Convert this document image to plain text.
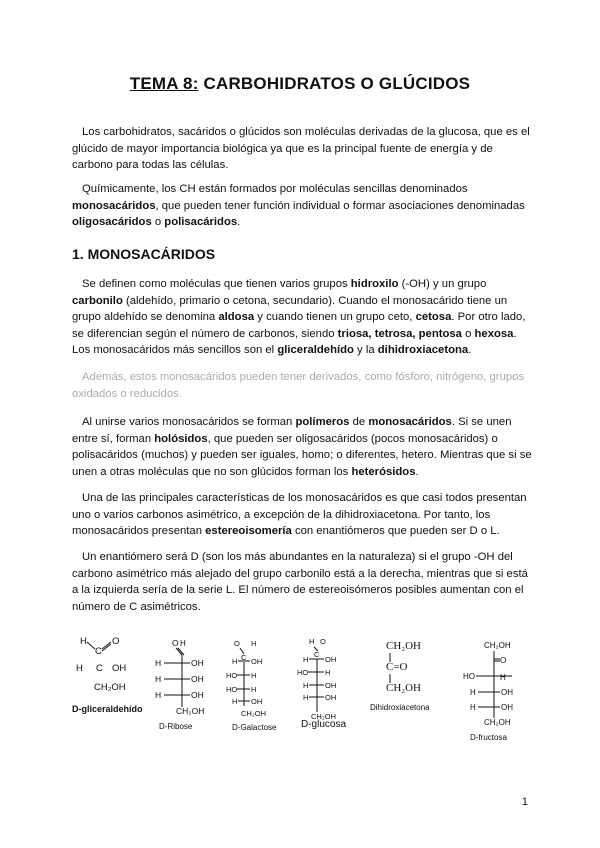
TEMA 8: CARBOHIDRATOS O GLÚCIDOS

Los carbohidratos, sacáridos o glúcidos son moléculas derivadas de la glucosa, que es el glúcido de mayor importancia biológica ya que es la principal fuente de energía y de carbono para todas las células.

Químicamente, los CH están formados por moléculas sencillas denominados monosacáridos, que pueden tener función individual o formar asociaciones denominadas oligosacáridos o polisacáridos.

1. MONOSACÁRIDOS

Se definen como moléculas que tienen varios grupos hidroxilo (-OH) y un grupo carbonilo (aldehído, primario o cetona, secundario). Cuando el monosacárido tiene un grupo aldehído se denomina aldosa y cuando tienen un grupo ceto, cetosa. Por otro lado, se diferencian según el número de carbonos, siendo triosa, tetrosa, pentosa o hexosa. Los monosacáridos más sencillos son el gliceraldehído y la dihidroxiacetona.

Además, estos monosacáridos pueden tener derivados, como fósforo, nitrógeno, grupos oxidados o reducidos.

Al unirse varios monosacáridos se forman polímeros de monosacáridos. Si se unen entre sí, forman holósidos, que pueden ser oligosacáridos (pocos monosacáridos) o polisacáridos (muchos) y pueden ser iguales, homo; o diferentes, hetero. Mientras que si se unen a otras moléculas que no son glúcidos forman los heterósidos.

Una de las principales características de los monosacáridos es que casi todos presentan uno o varios carbonos asimétrico, a excepción de la dihidroxiacetona. Por tanto, los monosacáridos presentan estereoisomería con enantiómeros que pueden ser D o L.

Un enantiómero será D (son los más abundantes en la naturaleza) si el grupo -OH del carbono asimétrico más alejado del grupo carbonilo está a la derecha, mientras que si está a la izquierda sería de la serie L. El número de estereoisómeros posibles aumentan con el número de C asimétricos.

H
C
O
H C OH
CH₂OH
D-gliceraldehído
O H
H	OH
H	OH
H	OH
CH₂OH
D-Ribose
O H
C
H OH
HO H
HO H
H OH
CH₂OH
D-Galactose
H O
C
H OH
HO H
H OH
H OH
CH₂OH
D-glucosa
CH₂OH
C=O
CH₂OH
Dihidroxiacetona
CH₂OH
O
HO	H
H	OH
H	OH
CH₂OH
D-fructosa
1
